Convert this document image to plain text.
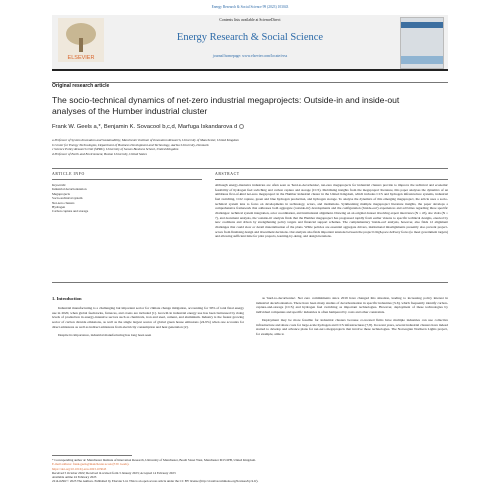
Energy Research & Social Science 99 (2023) 103043
ELSEVIER
Contents lists available at ScienceDirect
Energy Research & Social Science
journal homepage: www.elsevier.com/locate/erss
Original research article
The socio-technical dynamics of net-zero industrial megaprojects: Outside-in and inside-out analyses of the Humber industrial cluster
Frank W. Geels a,*, Benjamin K. Sovacool b,c,d, Marfuga Iskandarova d
a Professor of System Innovation and Sustainability, Manchester Institute of Innovation Research, University of Manchester, United Kingdom
b Center for Energy Technologies, Department of Business Development and Technology, Aarhus University, Denmark
c Science Policy Research Unit (SPRU), University of Sussex Business School, United Kingdom
d Professor of Earth and Environment, Boston University, United States
ARTICLE INFO	ABSTRACT
Keywords:
Industrial decarbonization
Megaprojects
Socio-technical system
Net-zero clusters
Hydrogen
Carbon capture and storage
Although energy-intensive industries are often seen as 'hard-to-decarbonise', net-zero megaprojects for industrial clusters provide to improve the technical and economic feasibility of hydrogen fuel switching and carbon capture and storage (CCS). Mobilising insights from the megaproject literature, this paper analyses the dynamics of an ambitious first-of-kind net-zero megaproject in the Humber industrial cluster in the United Kingdom, which includes CCS and hydrogen infrastructure systems, industrial fuel switching, CO2 capture, green and blue hydrogen production, and hydrogen storage. To analyse the dynamics of this emerging megaproject, the article uses a socio-technical system lens to focus on developments in technology, actors, and institutions. Synthesizing multiple megaproject literature insights, the paper develops a comprehensive framework that addresses both aggregate ('outside-in') developments and the configuration ('inside-out') experiences and activities regarding three specific challenges: technical system integration, actor coordination, and institutional alignment. Drawing on an original dataset involving expert interviews (N = 45), site visits (N = 7), and document analysis, the 'outside-in' analysis finds that the Humber megaproject has progressed rapidly from earlier visions to specific technical designs, enacted by new coalitions and driven by strengthening policy targets and financial support schemes. The complementary 'inside-out' analysis, however, also finds 12 alignment challenges that could slow or derail materialisation of the plans. While policies are essential aggregate drivers, institutional misalignments presently also prevent project-actors from finalising design and investment decisions. Our analysis also finds important tensions between the project's high-pace delivery focus (to meet government targets) and allowing sufficient time for pilot projects, learning-by-doing, and design iterations.
1. Introduction

Industrial manufacturing is a challenging but important sector for climate change mitigation, accounting for 30% of total final energy use in 2020, when global feedstocks, furnaces, and ovens are included [1]. Growth in industrial energy use has been buttressed by rising levels of production in energy-intensive sectors such as chemicals, iron and steel, cement, and aluminium. Industry is the fastest growing sector of carbon dioxide emissions, as well as the single largest source of global green house emissions (24.9%) when one accounts for direct emissions as well as indirect emissions from electricity consumption and heat generation [2].

Despite its importance, industrial manufacturing has long been seen

as 'hard-to-decarbonise'. Net zero commitments since 2019 have changed this situation, leading to increasing policy interest in industrial decarbonisation. There have been many studies of decarbonisation in specific industries [3-6], which frequently identify carbon-capture-and-storage (CCS) and hydrogen fuel switching as important technologies. However, deployment of these technologies by individual companies and specific industries is often hampered by costs and other constraints.

Deployment may be more feasible for industrial clusters because co-located firms have multiple industries can use collective infrastructure and share costs for large-scale hydrogen and CCS infrastructures [7,8]. In recent years, several industrial clusters have indeed started to develop and advance plans for net-zero megaprojects that involve these technologies. The Norwegian Northern Lights project, for example, aims to

* Corresponding author at: Manchester Institute of Innovation Research, University of Manchester, Booth Street West, Manchester M15 6PB, United Kingdom.
E-mail address: frank.geels@manchester.ac.uk (F.W. Geels).
https://doi.org/10.1016/j.erss.2023.103043
Received 5 October 2022; Received in revised form 3 January 2023; Accepted 14 February 2023
Available online 24 February 2023
2214-6296/© 2023 The Authors. Published by Elsevier Ltd. This is an open access article under the CC BY license (http://creativecommons.org/licenses/by/4.0/).
